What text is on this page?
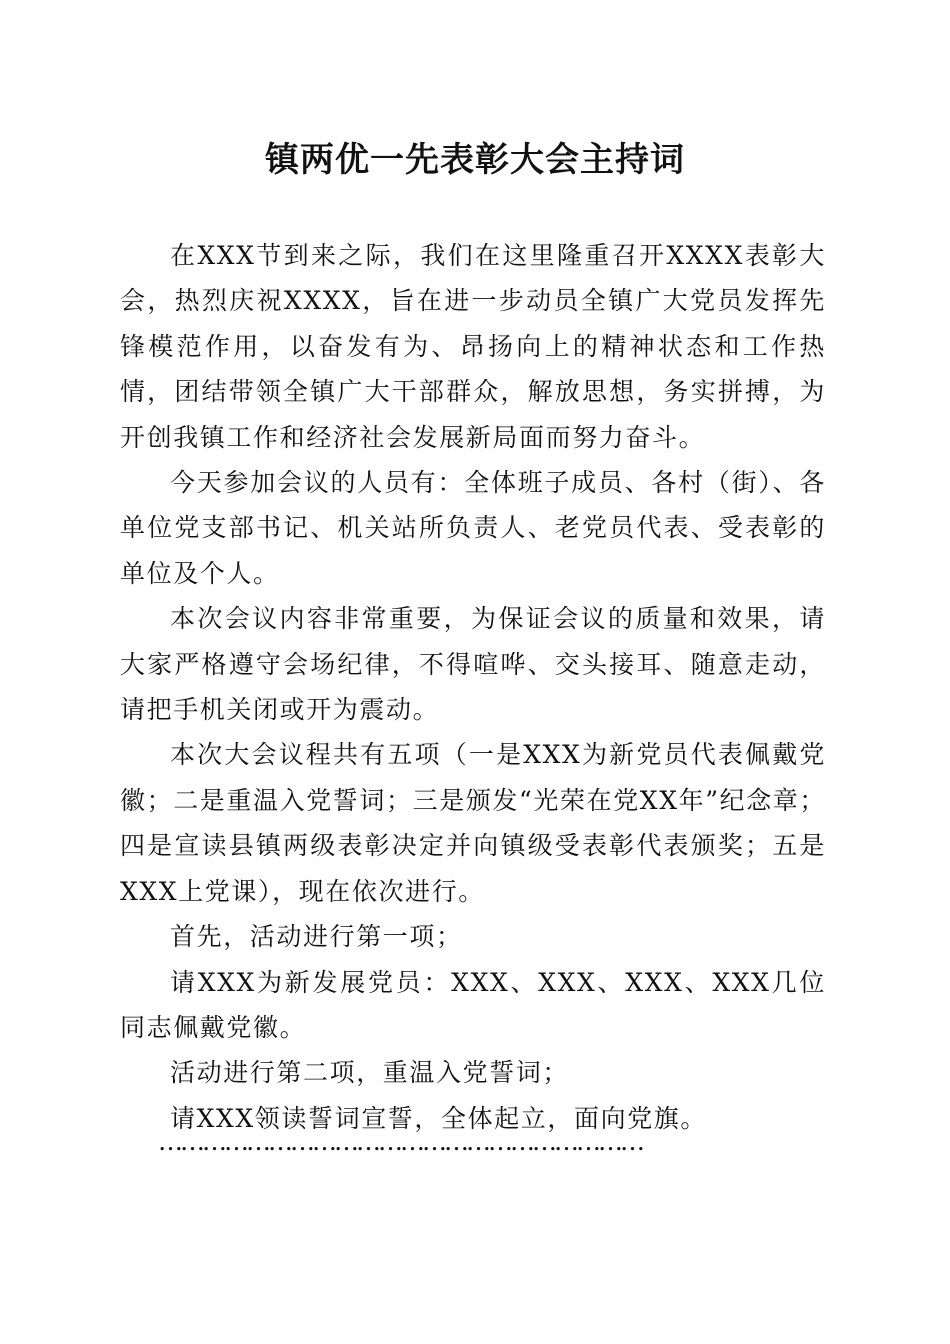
镇两优一先表彰大会主持词

在XXX节到来之际，我们在这里隆重召开XXXX表彰大会，热烈庆祝XXXX，旨在进一步动员全镇广大党员发挥先锋模范作用，以奋发有为、昂扬向上的精神状态和工作热情，团结带领全镇广大干部群众，解放思想，务实拼搏，为开创我镇工作和经济社会发展新局面而努力奋斗。

今天参加会议的人员有：全体班子成员、各村（街）、各单位党支部书记、机关站所负责人、老党员代表、受表彰的单位及个人。

本次会议内容非常重要，为保证会议的质量和效果，请大家严格遵守会场纪律，不得喧哗、交头接耳、随意走动，请把手机关闭或开为震动。

本次大会议程共有五项（一是XXX为新党员代表佩戴党徽；二是重温入党誓词；三是颁发“光荣在党XX年”纪念章；四是宣读县镇两级表彰决定并向镇级受表彰代表颁奖；五是XXX上党课），现在依次进行。

首先，活动进行第一项；

请XXX为新发展党员：XXX、XXX、XXX、XXX几位同志佩戴党徽。

活动进行第二项，重温入党誓词；

请XXX领读誓词宣誓，全体起立，面向党旗。

…………………………………………………………
